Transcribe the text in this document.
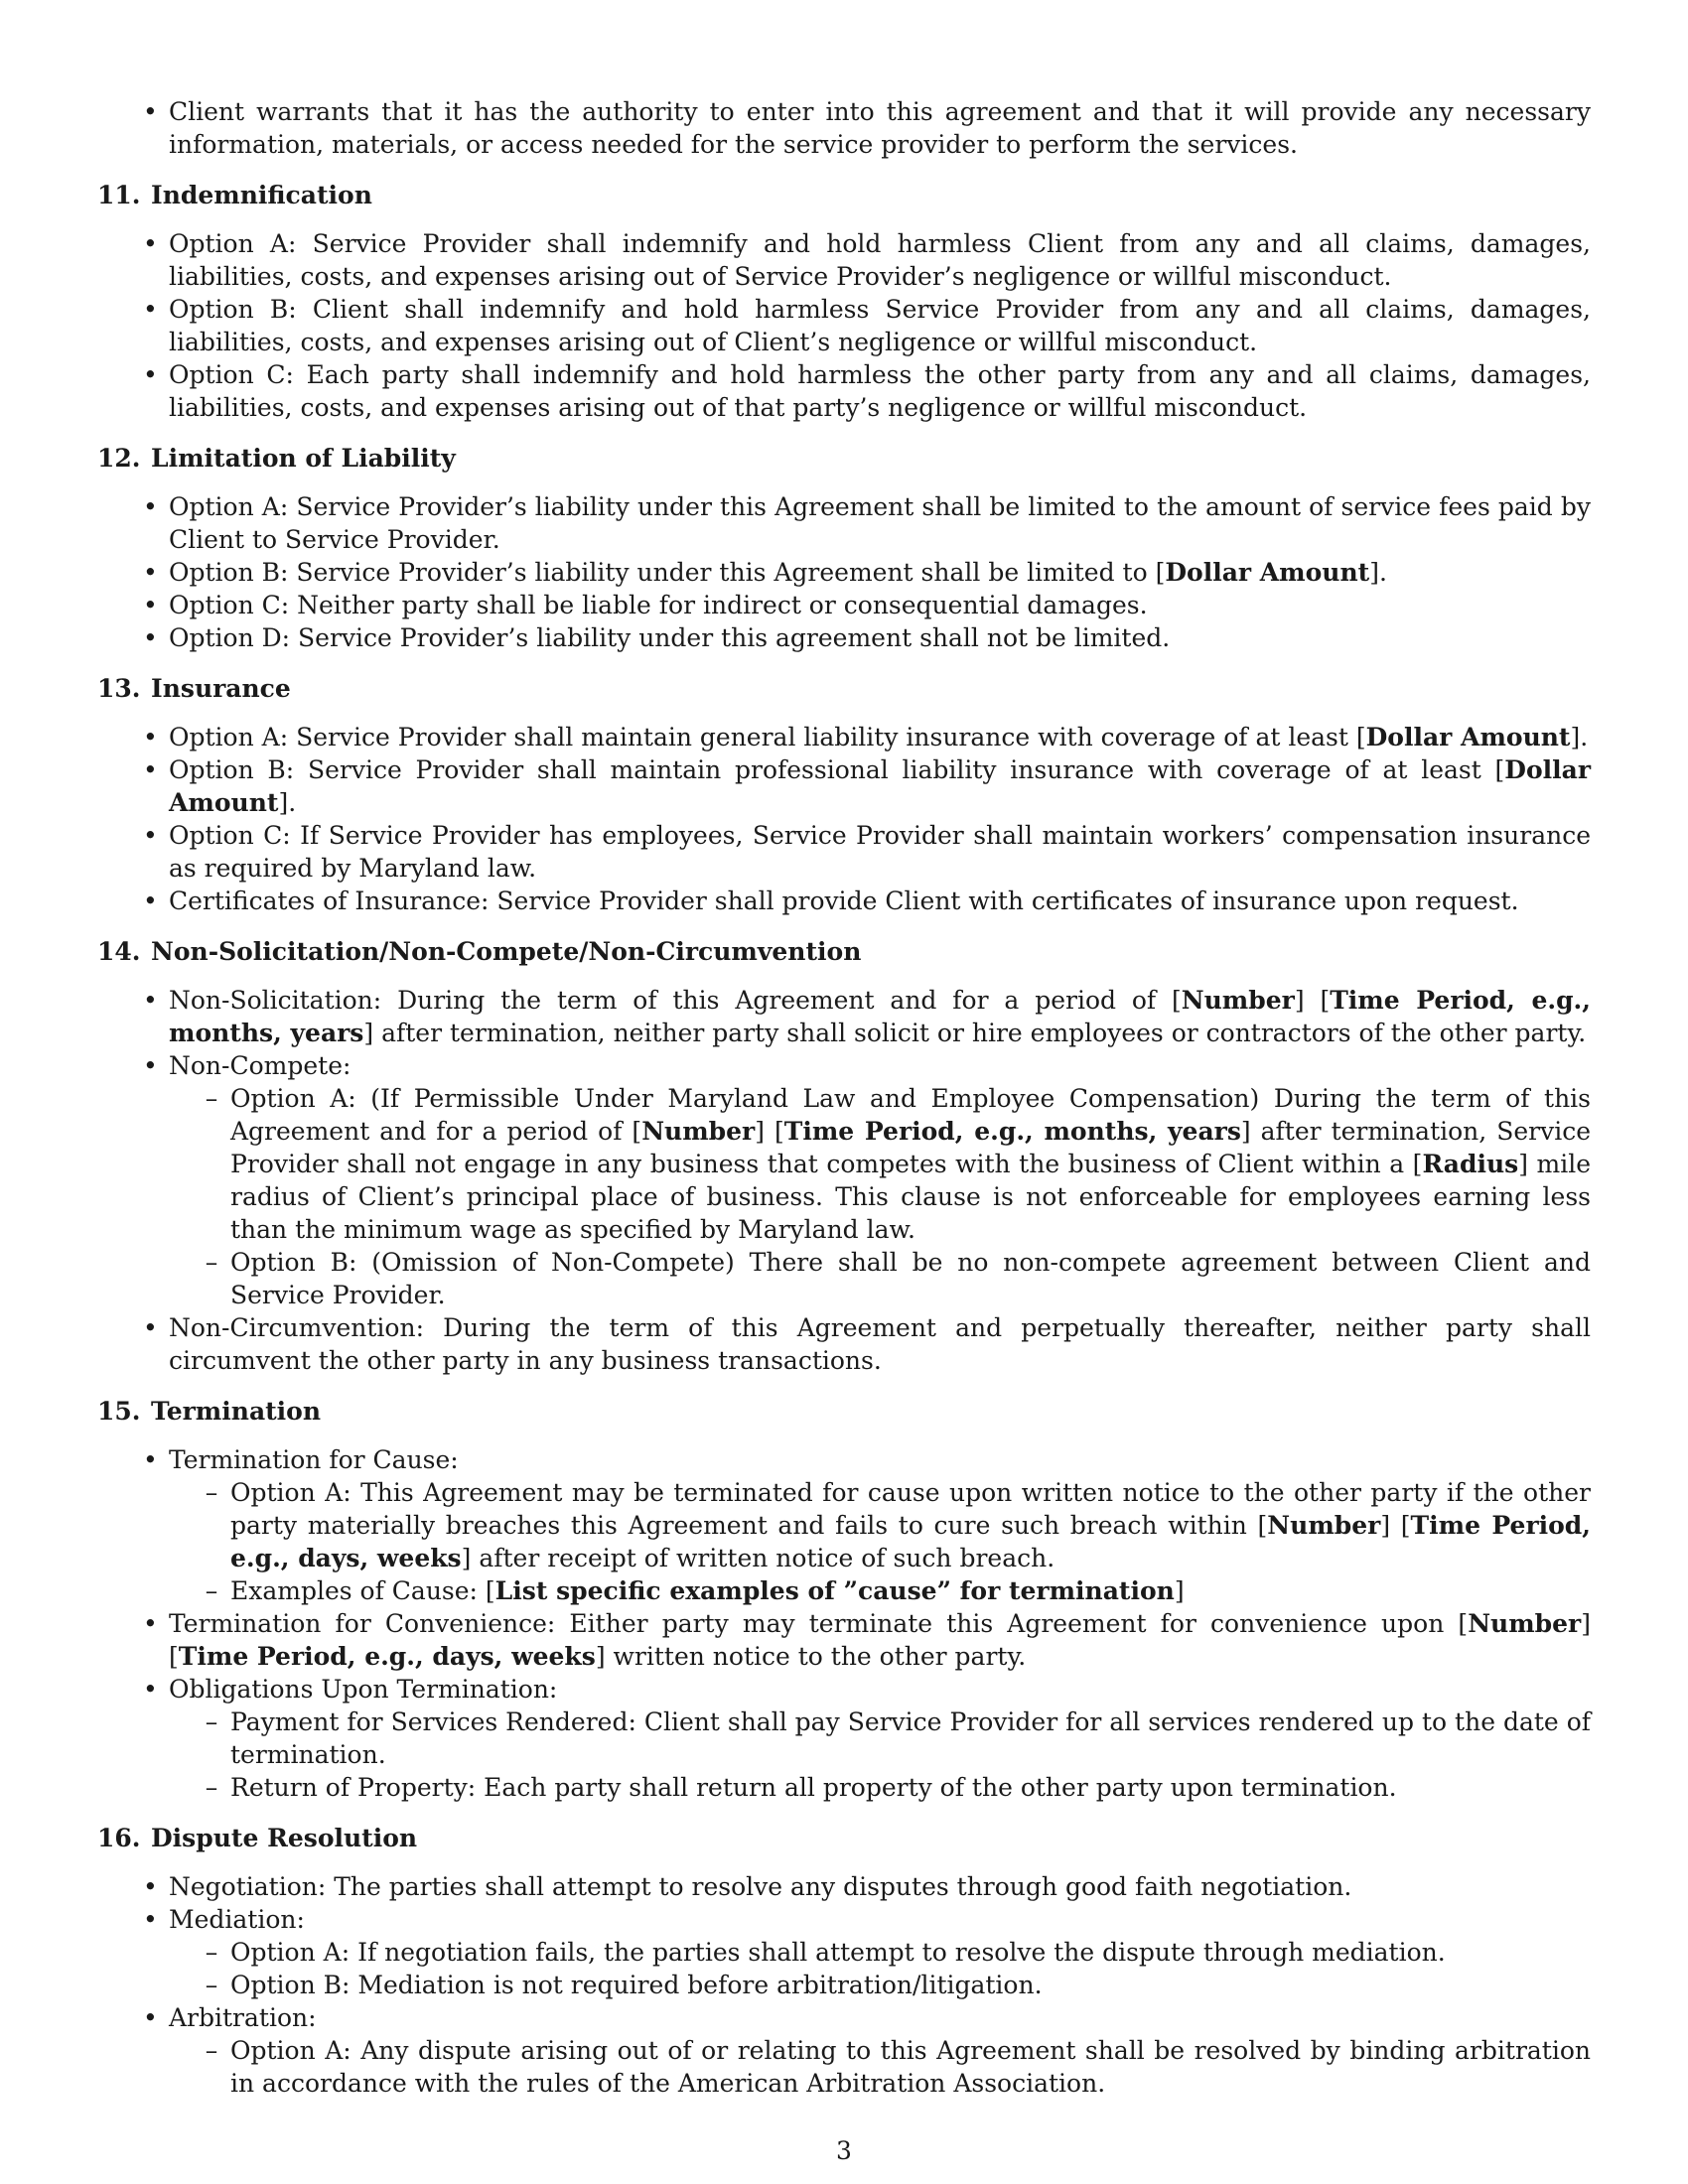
• Client warrants that it has the authority to enter into this agreement and that it will provide any necessary information, materials, or access needed for the service provider to perform the services.
11. Indemnification
• Option A: Service Provider shall indemnify and hold harmless Client from any and all claims, damages, liabilities, costs, and expenses arising out of Service Provider’s negligence or willful misconduct.
• Option B: Client shall indemnify and hold harmless Service Provider from any and all claims, damages, liabilities, costs, and expenses arising out of Client’s negligence or willful misconduct.
• Option C: Each party shall indemnify and hold harmless the other party from any and all claims, damages, liabilities, costs, and expenses arising out of that party’s negligence or willful misconduct.
12. Limitation of Liability
• Option A: Service Provider’s liability under this Agreement shall be limited to the amount of service fees paid by Client to Service Provider.
• Option B: Service Provider’s liability under this Agreement shall be limited to [Dollar Amount].
• Option C: Neither party shall be liable for indirect or consequential damages.
• Option D: Service Provider’s liability under this agreement shall not be limited.
13. Insurance
• Option A: Service Provider shall maintain general liability insurance with coverage of at least [Dollar Amount].
• Option B: Service Provider shall maintain professional liability insurance with coverage of at least [Dollar Amount].
• Option C: If Service Provider has employees, Service Provider shall maintain workers’ compensation insurance as required by Maryland law.
• Certificates of Insurance: Service Provider shall provide Client with certificates of insurance upon request.
14. Non-Solicitation/Non-Compete/Non-Circumvention
• Non-Solicitation: During the term of this Agreement and for a period of [Number] [Time Period, e.g., months, years] after termination, neither party shall solicit or hire employees or contractors of the other party.
• Non-Compete:
– Option A: (If Permissible Under Maryland Law and Employee Compensation) During the term of this Agreement and for a period of [Number] [Time Period, e.g., months, years] after termination, Service Provider shall not engage in any business that competes with the business of Client within a [Radius] mile radius of Client’s principal place of business. This clause is not enforceable for employees earning less than the minimum wage as specified by Maryland law.
– Option B: (Omission of Non-Compete) There shall be no non-compete agreement between Client and Service Provider.
• Non-Circumvention: During the term of this Agreement and perpetually thereafter, neither party shall circumvent the other party in any business transactions.
15. Termination
• Termination for Cause:
– Option A: This Agreement may be terminated for cause upon written notice to the other party if the other party materially breaches this Agreement and fails to cure such breach within [Number] [Time Period, e.g., days, weeks] after receipt of written notice of such breach.
– Examples of Cause: [List specific examples of ”cause” for termination]
• Termination for Convenience: Either party may terminate this Agreement for convenience upon [Number] [Time Period, e.g., days, weeks] written notice to the other party.
• Obligations Upon Termination:
– Payment for Services Rendered: Client shall pay Service Provider for all services rendered up to the date of termination.
– Return of Property: Each party shall return all property of the other party upon termination.
16. Dispute Resolution
• Negotiation: The parties shall attempt to resolve any disputes through good faith negotiation.
• Mediation:
– Option A: If negotiation fails, the parties shall attempt to resolve the dispute through mediation.
– Option B: Mediation is not required before arbitration/litigation.
• Arbitration:
– Option A: Any dispute arising out of or relating to this Agreement shall be resolved by binding arbitration in accordance with the rules of the American Arbitration Association.
3
